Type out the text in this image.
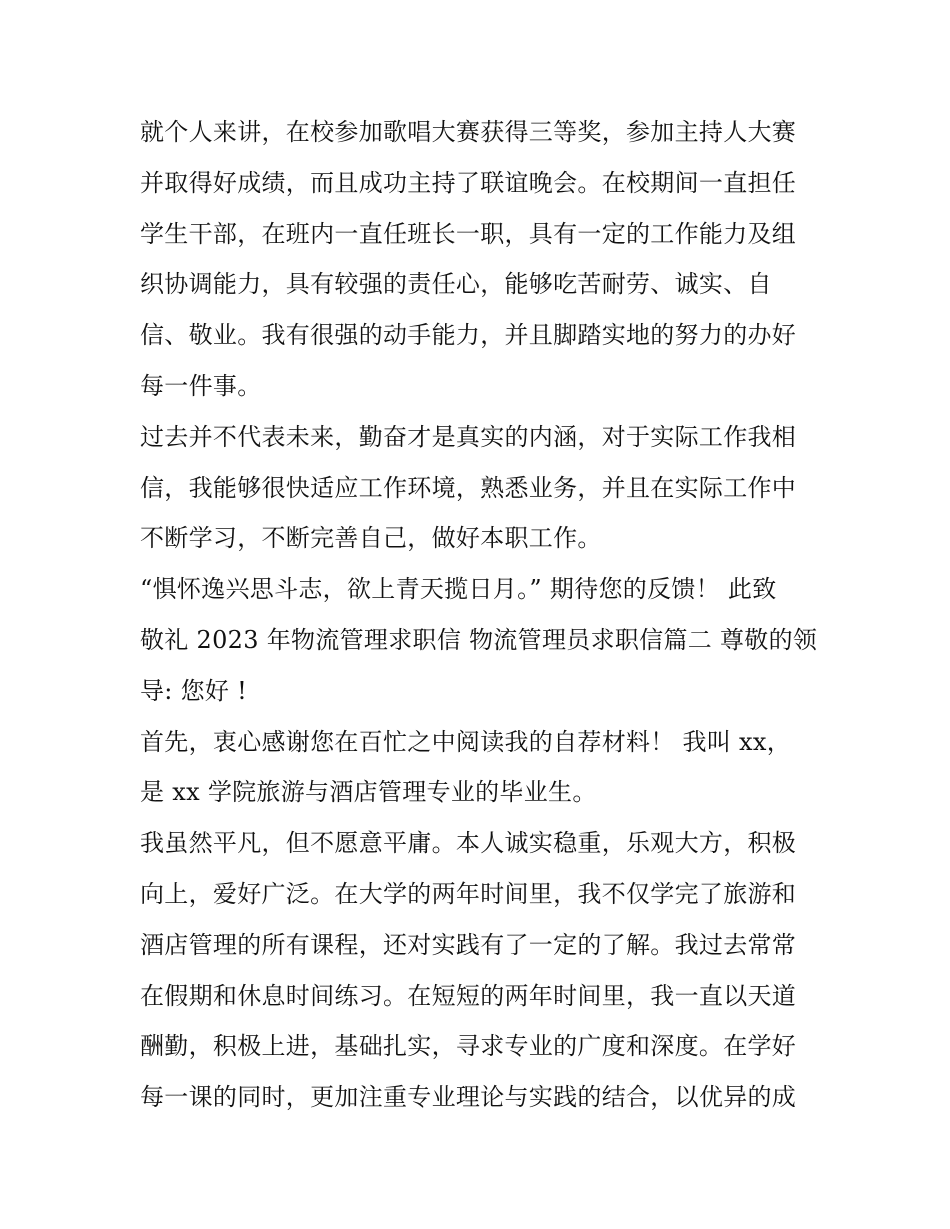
就个人来讲，在校参加歌唱大赛获得三等奖，参加主持人大赛
并取得好成绩，而且成功主持了联谊晚会。在校期间一直担任
学生干部，在班内一直任班长一职，具有一定的工作能力及组
织协调能力，具有较强的责任心，能够吃苦耐劳、诚实、自
信、敬业。我有很强的动手能力，并且脚踏实地的努力的办好
每一件事。
过去并不代表未来，勤奋才是真实的内涵，对于实际工作我相
信，我能够很快适应工作环境，熟悉业务，并且在实际工作中
不断学习，不断完善自己，做好本职工作。
“惧怀逸兴思斗志，欲上青天揽日月。” 期待您的反馈！ 此致
敬礼 2023 年物流管理求职信 物流管理员求职信篇二 尊敬的领
导: 您好 !
首先，衷心感谢您在百忙之中阅读我的自荐材料！ 我叫 xx，
是 xx 学院旅游与酒店管理专业的毕业生。
我虽然平凡，但不愿意平庸。本人诚实稳重，乐观大方，积极
向上，爱好广泛。在大学的两年时间里，我不仅学完了旅游和
酒店管理的所有课程，还对实践有了一定的了解。我过去常常
在假期和休息时间练习。在短短的两年时间里，我一直以天道
酬勤，积极上进，基础扎实，寻求专业的广度和深度。在学好
每一课的同时，更加注重专业理论与实践的结合，以优异的成
